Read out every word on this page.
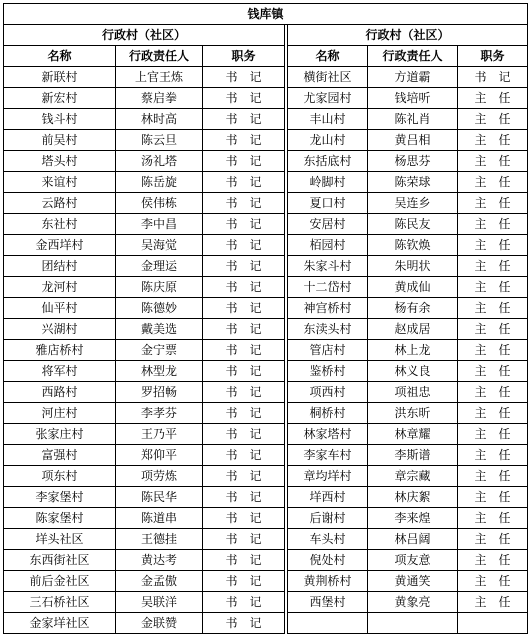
钱库镇						
行政村（社区）				行政村（社区）		
名称	行政责任人	职务		名称	行政责任人	职务
新联村	上官王炼	书　记		横街社区	方道霸	书　记
新宏村	蔡启拳	书　记		尤家园村	钱培听	主　任
钱斗村	林时高	书　记		丰山村	陈礼肖	主　任
前吴村	陈云旦	书　记		龙山村	黄吕相	主　任
塔头村	汤礼塔	书　记		东括底村	杨思芬	主　任
来谊村	陈岳旋	书　记		岭脚村	陈荣球	主　任
云路村	侯伟栋	书　记		夏口村	吴连乡	主　任
东社村	李中昌	书　记		安居村	陈民友	主　任
金西垟村	吴海觉	书　记		栢园村	陈钦焕	主　任
团结村	金理运	书　记		朱家斗村	朱明状	主　任
龙河村	陈庆原	书　记		十二岱村	黄成仙	主　任
仙平村	陈德妙	书　记		神宫桥村	杨有余	主　任
兴湖村	戴美选	书　记		东渎头村	赵成居	主　任
雅店桥村	金宁票	书　记		管店村	林上龙	主　任
将军村	林型龙	书　记		鉴桥村	林义良	主　任
西路村	罗招畅	书　记		项西村	项祖忠	主　任
河庄村	李孝芬	书　记		桐桥村	洪东昕	主　任
张家庄村	王乃平	书　记		林家塔村	林章耀	主　任
富强村	郑仰平	书　记		李家车村	李斯谱	主　任
项东村	项劳炼	书　记		章均垟村	章宗藏	主　任
李家堡村	陈民华	书　记		垟西村	林庆絮	主　任
陈家堡村	陈道串	书　记		后谢村	李来煌	主　任
垟头社区	王德挂	书　记		车头村	林吕阔	主　任
东西街社区	黄达考	书　记		倪处村	项友意	主　任
前后金社区	金孟傲	书　记		黄荆桥村	黄通笑	主　任
三石桥社区	吴联洋	书　记		西堡村	黄象亮	主　任
金家垟社区	金联赞	书　记				
